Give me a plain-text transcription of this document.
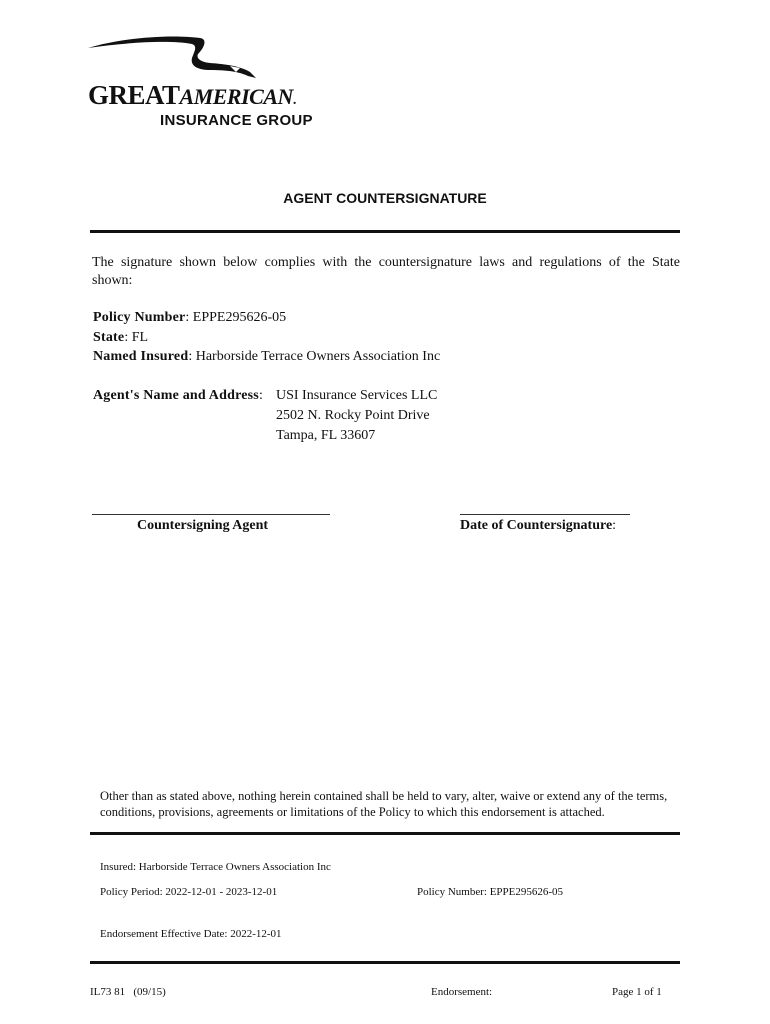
GREATAMERICAN.
INSURANCE GROUP
AGENT COUNTERSIGNATURE
The signature shown below complies with the countersignature laws and regulations of the State shown:
Policy Number: EPPE295626-05
State: FL
Named Insured: Harborside Terrace Owners Association Inc
Agent's Name and Address: USI Insurance Services LLC
2502 N. Rocky Point Drive
Tampa, FL 33607
Countersigning Agent	Date of Countersignature:
Other than as stated above, nothing herein contained shall be held to vary, alter, waive or extend any of the terms, conditions, provisions, agreements or limitations of the Policy to which this endorsement is attached.
Insured: Harborside Terrace Owners Association Inc
Policy Period: 2022-12-01 - 2023-12-01	Policy Number: EPPE295626-05
Endorsement Effective Date: 2022-12-01
IL73 81   (09/15)	Endorsement:	Page 1 of 1
